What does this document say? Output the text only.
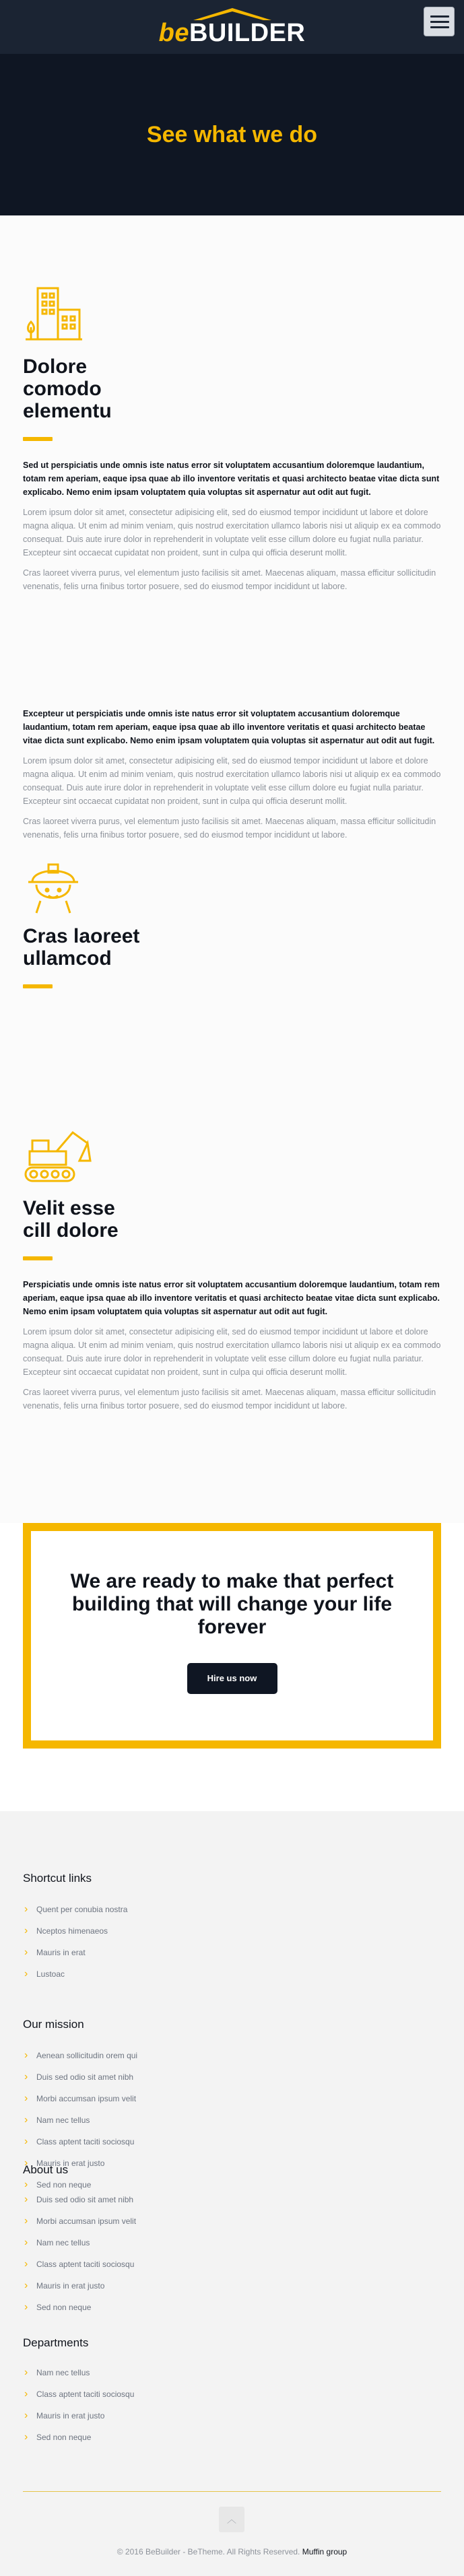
beBUILDER
See what we do
Dolore comodo elementu

Sed ut perspiciatis unde omnis iste natus error sit voluptatem accusantium doloremque laudantium, totam rem aperiam, eaque ipsa quae ab illo inventore veritatis et quasi architecto beatae vitae dicta sunt explicabo. Nemo enim ipsam voluptatem quia voluptas sit aspernatur aut odit aut fugit.

Lorem ipsum dolor sit amet, consectetur adipisicing elit, sed do eiusmod tempor incididunt ut labore et dolore magna aliqua. Ut enim ad minim veniam, quis nostrud exercitation ullamco laboris nisi ut aliquip ex ea commodo consequat. Duis aute irure dolor in reprehenderit in voluptate velit esse cillum dolore eu fugiat nulla pariatur. Excepteur sint occaecat cupidatat non proident, sunt in culpa qui officia deserunt mollit.

Cras laoreet viverra purus, vel elementum justo facilisis sit amet. Maecenas aliquam, massa efficitur sollicitudin venenatis, felis urna finibus tortor posuere, sed do eiusmod tempor incididunt ut labore.

Excepteur ut perspiciatis unde omnis iste natus error sit voluptatem accusantium doloremque laudantium, totam rem aperiam, eaque ipsa quae ab illo inventore veritatis et quasi architecto beatae vitae dicta sunt explicabo. Nemo enim ipsam voluptatem quia voluptas sit aspernatur aut odit aut fugit.

Lorem ipsum dolor sit amet, consectetur adipisicing elit, sed do eiusmod tempor incididunt ut labore et dolore magna aliqua. Ut enim ad minim veniam, quis nostrud exercitation ullamco laboris nisi ut aliquip ex ea commodo consequat. Duis aute irure dolor in reprehenderit in voluptate velit esse cillum dolore eu fugiat nulla pariatur. Excepteur sint occaecat cupidatat non proident, sunt in culpa qui officia deserunt mollit.

Cras laoreet viverra purus, vel elementum justo facilisis sit amet. Maecenas aliquam, massa efficitur sollicitudin venenatis, felis urna finibus tortor posuere, sed do eiusmod tempor incididunt ut labore.

Cras laoreet ullamcod
Velit esse cill dolore

Perspiciatis unde omnis iste natus error sit voluptatem accusantium doloremque laudantium, totam rem aperiam, eaque ipsa quae ab illo inventore veritatis et quasi architecto beatae vitae dicta sunt explicabo. Nemo enim ipsam voluptatem quia voluptas sit aspernatur aut odit aut fugit.

Lorem ipsum dolor sit amet, consectetur adipisicing elit, sed do eiusmod tempor incididunt ut labore et dolore magna aliqua. Ut enim ad minim veniam, quis nostrud exercitation ullamco laboris nisi ut aliquip ex ea commodo consequat. Duis aute irure dolor in reprehenderit in voluptate velit esse cillum dolore eu fugiat nulla pariatur. Excepteur sint occaecat cupidatat non proident, sunt in culpa qui officia deserunt mollit.

Cras laoreet viverra purus, vel elementum justo facilisis sit amet. Maecenas aliquam, massa efficitur sollicitudin venenatis, felis urna finibus tortor posuere, sed do eiusmod tempor incididunt ut labore.

We are ready to make that perfect building that will change your life forever
Hire us now
Shortcut links
› Quent per conubia nostra
› Nceptos himenaeos
› Mauris in erat
› Lustoac
Our mission
› Aenean sollicitudin orem qui
› Duis sed odio sit amet nibh
› Morbi accumsan ipsum velit
› Nam nec tellus
› Class aptent taciti sociosqu
› Mauris in erat justo
› Sed non neque
About us
› Duis sed odio sit amet nibh
› Morbi accumsan ipsum velit
› Nam nec tellus
› Class aptent taciti sociosqu
› Mauris in erat justo
› Sed non neque
Departments
› Nam nec tellus
› Class aptent taciti sociosqu
› Mauris in erat justo
› Sed non neque
︿
© 2016 BeBuilder - BeTheme. All Rights Reserved. Muffin group
